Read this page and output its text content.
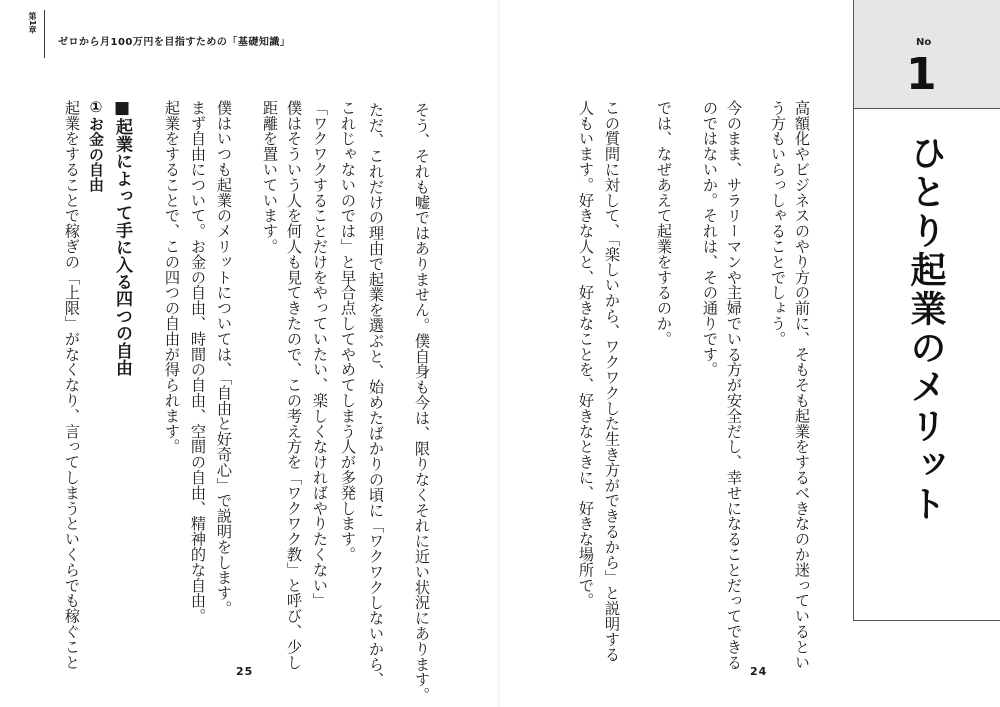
第1章
ゼロから月100万円を目指すための「基礎知識」
そう、それも嘘ではありません。僕自身も今は、限りなくそれに近い状況にあります。
ただ、これだけの理由で起業を選ぶと、始めたばかりの頃に「ワクワクしないから、
これじゃないのでは」と早合点してやめてしまう人が多発します。
「ワクワクすることだけをやっていたい、楽しくなければやりたくない」
僕はそういう人を何人も見てきたので、この考え方を「ワクワク教」と呼び、少し
距離を置いています。
僕はいつも起業のメリットについては、「自由と好奇心」で説明をします。
まず自由について。お金の自由、時間の自由、空間の自由、精神的な自由。
起業をすることで、この四つの自由が得られます。
■起業によって手に入る四つの自由
①お金の自由
起業をすることで稼ぎの「上限」がなくなり、言ってしまうといくらでも稼ぐこと
25
高額化やビジネスのやり方の前に、そもそも起業をするべきなのか迷っているとい
う方もいらっしゃることでしょう。
今のまま、サラリーマンや主婦でいる方が安全だし、幸せになることだってできる
のではないか。それは、その通りです。
では、なぜあえて起業をするのか。
この質問に対して、「楽しいから、ワクワクした生き方ができるから」と説明する
人もいます。好きな人と、好きなことを、好きなときに、好きな場所で。
24
No
1
ひとり起業のメリット
